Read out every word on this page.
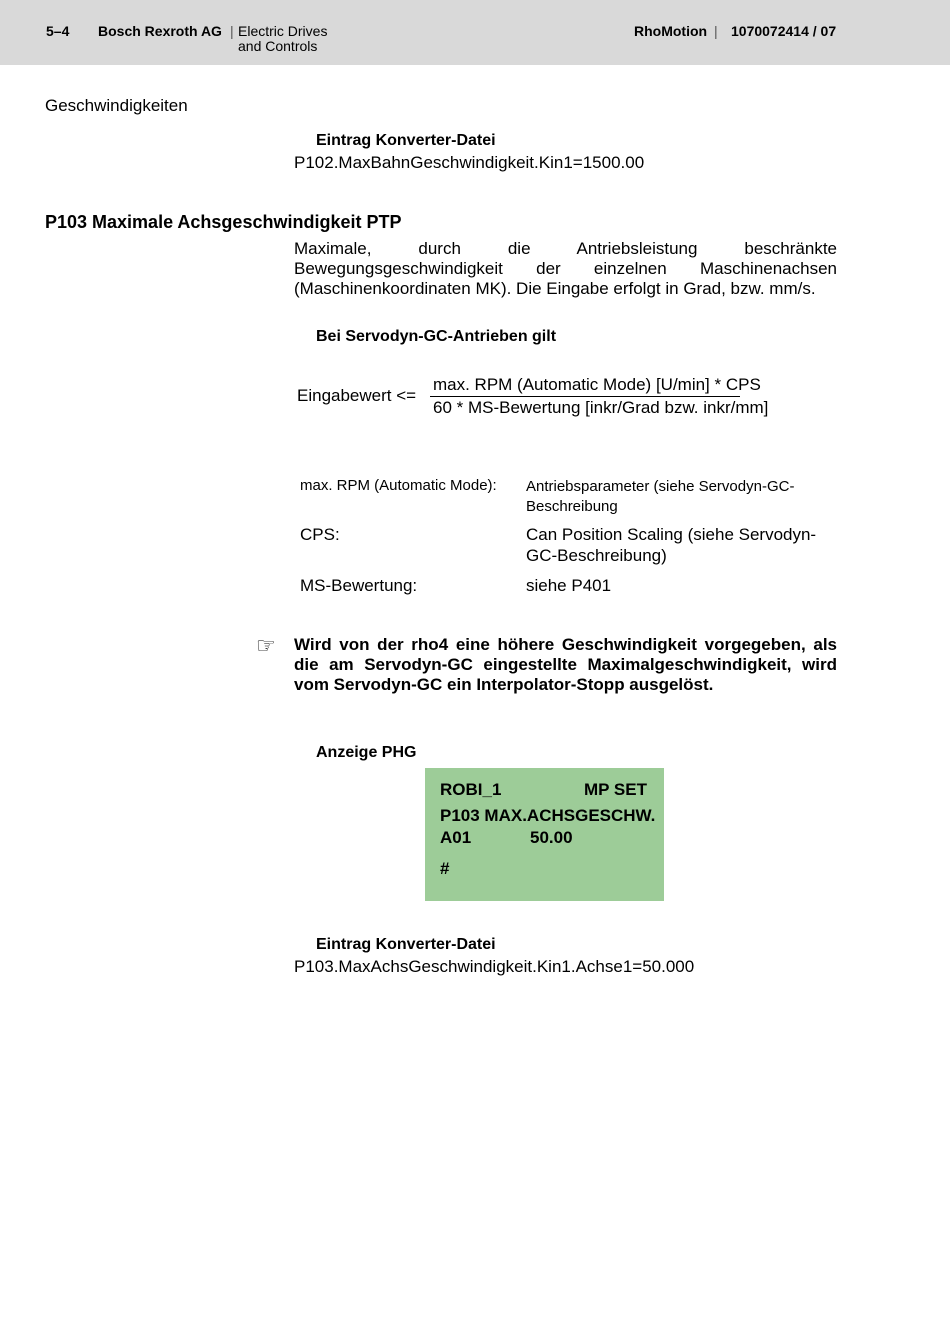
5–4 Bosch Rexroth AG | Electric Drives
and Controls
RhoMotion | 1070072414 / 07
Geschwindigkeiten
Eintrag Konverter-Datei
P102.MaxBahnGeschwindigkeit.Kin1=1500.00
P103 Maximale Achsgeschwindigkeit PTP
Maximale, durch die Antriebsleistung beschränkte Bewegungsgeschwindigkeit der einzelnen Maschinenachsen (Maschinenkoordinaten MK). Die Eingabe erfolgt in Grad, bzw. mm/s.
Bei Servodyn-GC-Antrieben gilt
Eingabewert <=
max. RPM (Automatic Mode) [U/min] * CPS
60 * MS-Bewertung [inkr/Grad bzw. inkr/mm]
max. RPM (Automatic Mode): Antriebsparameter (siehe Servodyn-GC-Beschreibung
CPS:	Can Position Scaling (siehe Servodyn-GC-Beschreibung)
MS-Bewertung:	siehe P401
☞ Wird von der rho4 eine höhere Geschwindigkeit vorgegeben, als die am Servodyn-GC eingestellte Maximalgeschwindigkeit, wird vom Servodyn-GC ein Interpolator-Stopp ausgelöst.
Anzeige PHG
ROBI_1	MP SET
P103 MAX.ACHSGESCHW.
A01	50.00
#
Eintrag Konverter-Datei
P103.MaxAchsGeschwindigkeit.Kin1.Achse1=50.000
